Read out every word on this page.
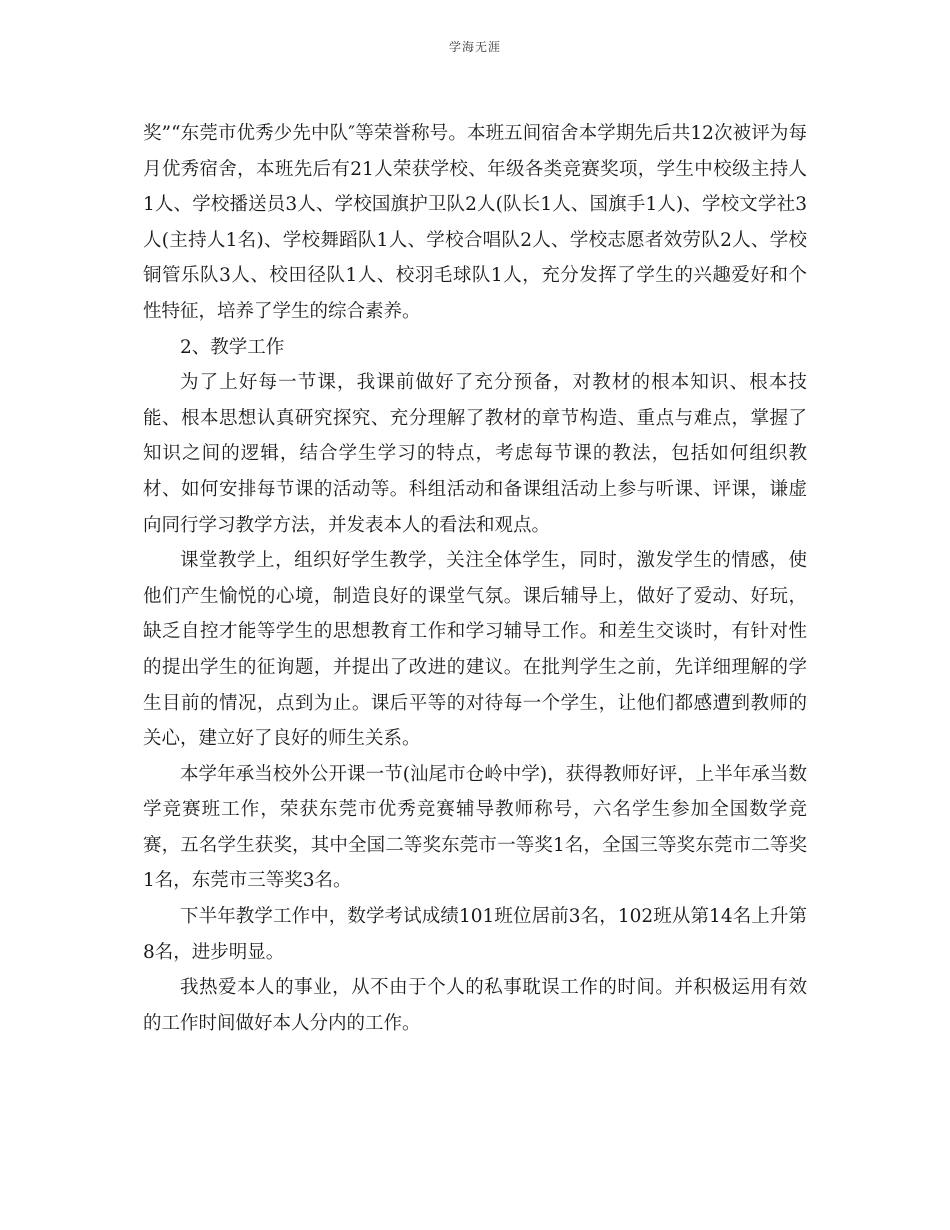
学海无涯

奖”“东莞市优秀少先中队″等荣誉称号。本班五间宿舍本学期先后共12次被评为每月优秀宿舍，本班先后有21人荣获学校、年级各类竞赛奖项，学生中校级主持人1人、学校播送员3人、学校国旗护卫队2人(队长1人、国旗手1人)、学校文学社3人(主持人1名)、学校舞蹈队1人、学校合唱队2人、学校志愿者效劳队2人、学校铜管乐队3人、校田径队1人、校羽毛球队1人，充分发挥了学生的兴趣爱好和个性特征，培养了学生的综合素养。

2、教学工作

为了上好每一节课，我课前做好了充分预备，对教材的根本知识、根本技能、根本思想认真研究探究、充分理解了教材的章节构造、重点与难点，掌握了知识之间的逻辑，结合学生学习的特点，考虑每节课的教法，包括如何组织教材、如何安排每节课的活动等。科组活动和备课组活动上参与听课、评课，谦虚向同行学习教学方法，并发表本人的看法和观点。

课堂教学上，组织好学生教学，关注全体学生，同时，激发学生的情感，使他们产生愉悦的心境，制造良好的课堂气氛。课后辅导上，做好了爱动、好玩，缺乏自控才能等学生的思想教育工作和学习辅导工作。和差生交谈时，有针对性的提出学生的征询题，并提出了改进的建议。在批判学生之前，先详细理解的学生目前的情况，点到为止。课后平等的对待每一个学生，让他们都感遭到教师的关心，建立好了良好的师生关系。

本学年承当校外公开课一节(汕尾市仓岭中学)，获得教师好评，上半年承当数学竞赛班工作，荣获东莞市优秀竞赛辅导教师称号，六名学生参加全国数学竞赛，五名学生获奖，其中全国二等奖东莞市一等奖1名，全国三等奖东莞市二等奖1名，东莞市三等奖3名。

下半年教学工作中，数学考试成绩101班位居前3名，102班从第14名上升第8名，进步明显。

我热爱本人的事业，从不由于个人的私事耽误工作的时间。并积极运用有效的工作时间做好本人分内的工作。
